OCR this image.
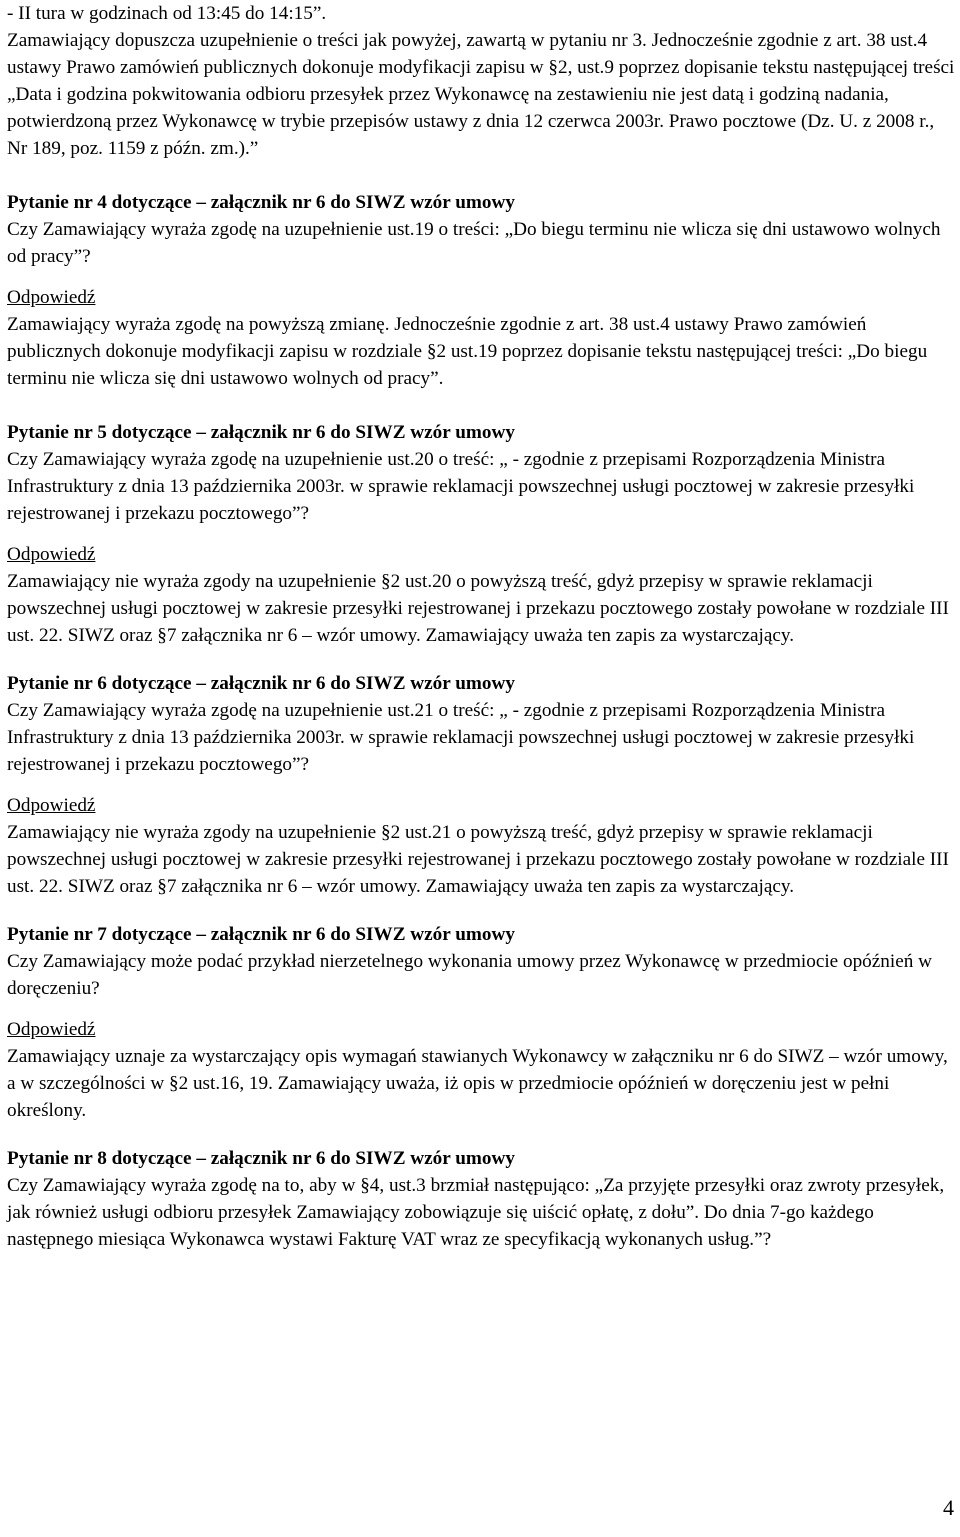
- II tura w godzinach od 13:45 do 14:15”.

Zamawiający dopuszcza uzupełnienie o treści jak powyżej, zawartą w pytaniu nr 3. Jednocześnie zgodnie z art. 38 ust.4 ustawy Prawo zamówień publicznych dokonuje modyfikacji zapisu w §2, ust.9 poprzez dopisanie tekstu następującej treści „Data i godzina pokwitowania odbioru przesyłek przez Wykonawcę na zestawieniu nie jest datą i godziną nadania, potwierdzoną przez Wykonawcę w trybie przepisów ustawy z dnia 12 czerwca 2003r. Prawo pocztowe (Dz. U. z 2008 r., Nr 189, poz. 1159 z późn. zm.).”

Pytanie nr 4 dotyczące – załącznik nr 6 do SIWZ wzór umowy

Czy Zamawiający wyraża zgodę na uzupełnienie ust.19 o treści: „Do biegu terminu nie wlicza się dni ustawowo wolnych od pracy”?

Odpowiedź

Zamawiający wyraża zgodę na powyższą zmianę. Jednocześnie zgodnie z art. 38 ust.4 ustawy Prawo zamówień publicznych dokonuje modyfikacji zapisu w rozdziale §2 ust.19 poprzez dopisanie tekstu następującej treści: „Do biegu terminu nie wlicza się dni ustawowo wolnych od pracy”.

Pytanie nr 5 dotyczące – załącznik nr 6 do SIWZ wzór umowy

Czy Zamawiający wyraża zgodę na uzupełnienie ust.20 o treść: „ - zgodnie z przepisami Rozporządzenia Ministra Infrastruktury z dnia 13 października 2003r. w sprawie reklamacji powszechnej usługi pocztowej w zakresie przesyłki rejestrowanej i przekazu pocztowego”?

Odpowiedź

Zamawiający nie wyraża zgody na uzupełnienie §2 ust.20 o powyższą treść, gdyż przepisy w sprawie reklamacji powszechnej usługi pocztowej w zakresie przesyłki rejestrowanej i przekazu pocztowego zostały powołane w rozdziale III ust. 22. SIWZ oraz §7 załącznika nr 6 – wzór umowy. Zamawiający uważa ten zapis za wystarczający.

Pytanie nr 6 dotyczące – załącznik nr 6 do SIWZ wzór umowy

Czy Zamawiający wyraża zgodę na uzupełnienie ust.21 o treść: „ - zgodnie z przepisami Rozporządzenia Ministra Infrastruktury z dnia 13 października 2003r. w sprawie reklamacji powszechnej usługi pocztowej w zakresie przesyłki rejestrowanej i przekazu pocztowego”?

Odpowiedź

Zamawiający nie wyraża zgody na uzupełnienie §2 ust.21 o powyższą treść, gdyż przepisy w sprawie reklamacji powszechnej usługi pocztowej w zakresie przesyłki rejestrowanej i przekazu pocztowego zostały powołane w rozdziale III ust. 22. SIWZ oraz §7 załącznika nr 6 – wzór umowy. Zamawiający uważa ten zapis za wystarczający.

Pytanie nr 7 dotyczące – załącznik nr 6 do SIWZ wzór umowy

Czy Zamawiający może podać przykład nierzetelnego wykonania umowy przez Wykonawcę w przedmiocie opóźnień w doręczeniu?

Odpowiedź

Zamawiający uznaje za wystarczający opis wymagań stawianych Wykonawcy w załączniku nr 6 do SIWZ – wzór umowy, a w szczególności w §2 ust.16, 19. Zamawiający uważa, iż opis w przedmiocie opóźnień w doręczeniu jest w pełni określony.

Pytanie nr 8 dotyczące – załącznik nr 6 do SIWZ wzór umowy

Czy Zamawiający wyraża zgodę na to, aby w §4, ust.3 brzmiał następująco: „Za przyjęte przesyłki oraz zwroty przesyłek, jak również usługi odbioru przesyłek Zamawiający zobowiązuje się uiścić opłatę, z dołu”. Do dnia 7-go każdego następnego miesiąca Wykonawca wystawi Fakturę VAT wraz ze specyfikacją wykonanych usług.”?

4
